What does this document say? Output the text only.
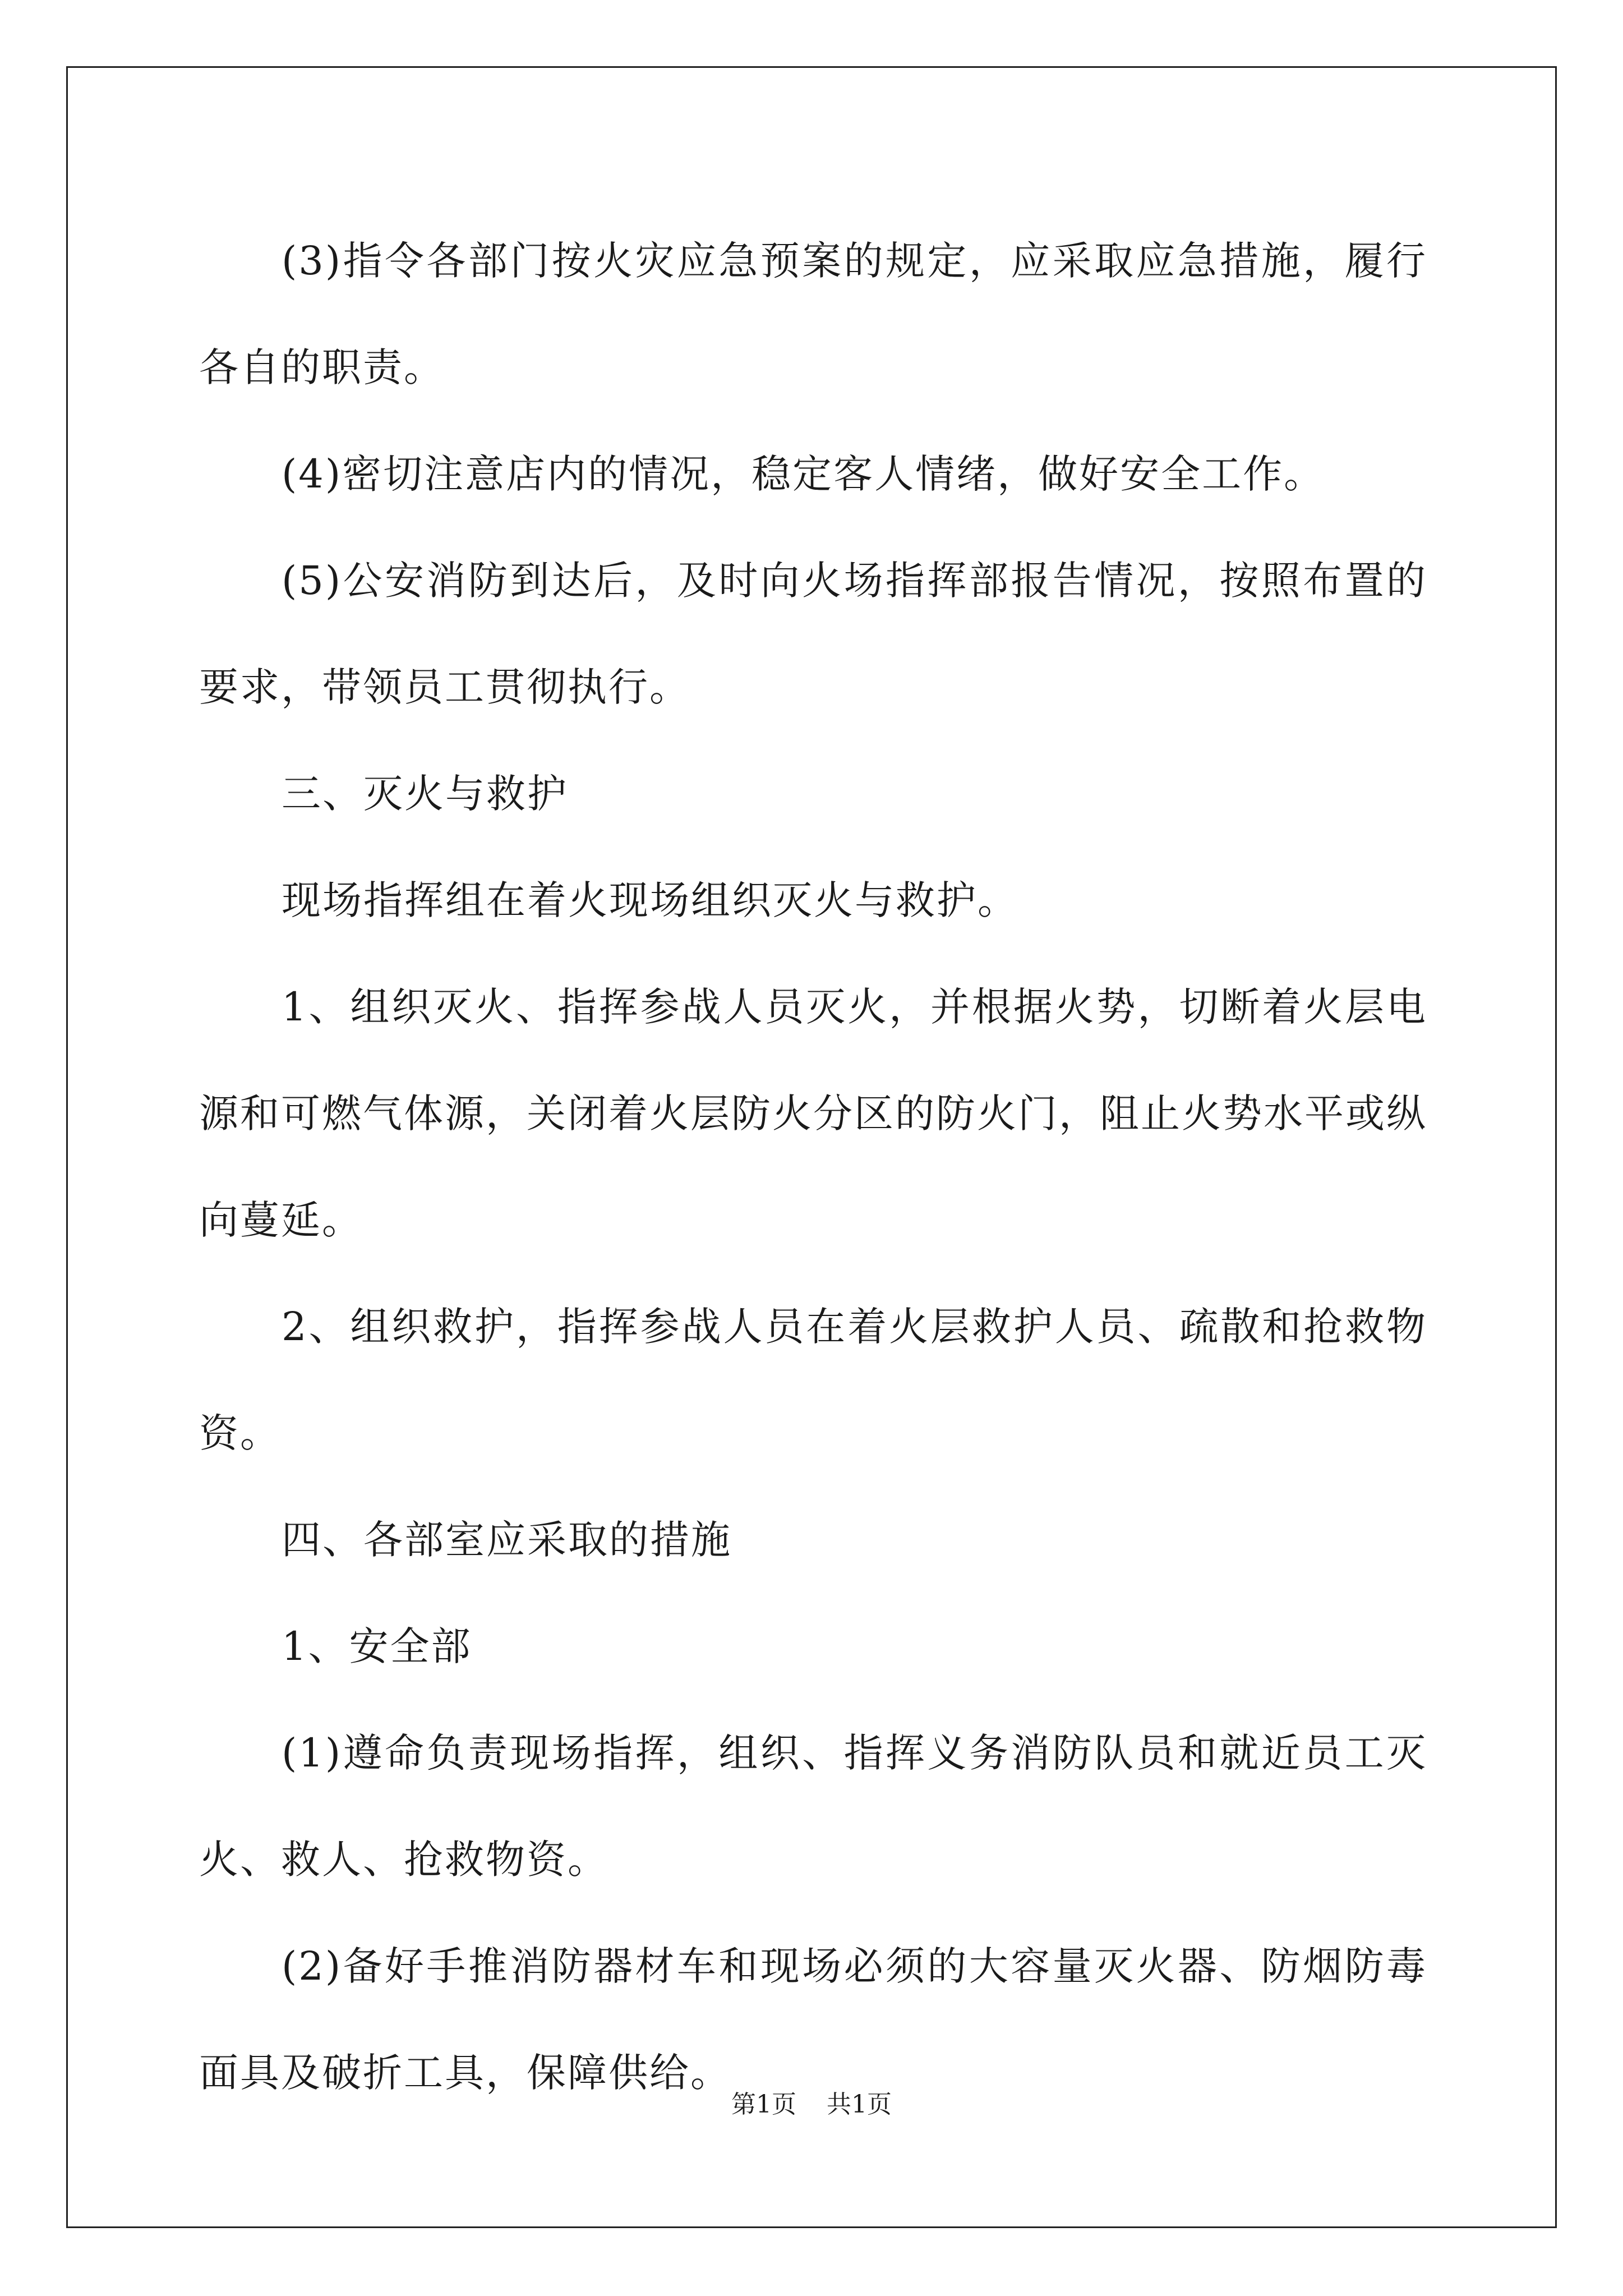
(3)指令各部门按火灾应急预案的规定，应采取应急措施，履行各自的职责。

(4)密切注意店内的情况，稳定客人情绪，做好安全工作。

(5)公安消防到达后，及时向火场指挥部报告情况，按照布置的要求，带领员工贯彻执行。

三、灭火与救护

现场指挥组在着火现场组织灭火与救护。

1、组织灭火、指挥参战人员灭火，并根据火势，切断着火层电源和可燃气体源，关闭着火层防火分区的防火门，阻止火势水平或纵向蔓延。

2、组织救护，指挥参战人员在着火层救护人员、疏散和抢救物资。

四、各部室应采取的措施

1、安全部

(1)遵命负责现场指挥，组织、指挥义务消防队员和就近员工灭火、救人、抢救物资。

(2)备好手推消防器材车和现场必须的大容量灭火器、防烟防毒面具及破折工具，保障供给。

第1页 共1页
